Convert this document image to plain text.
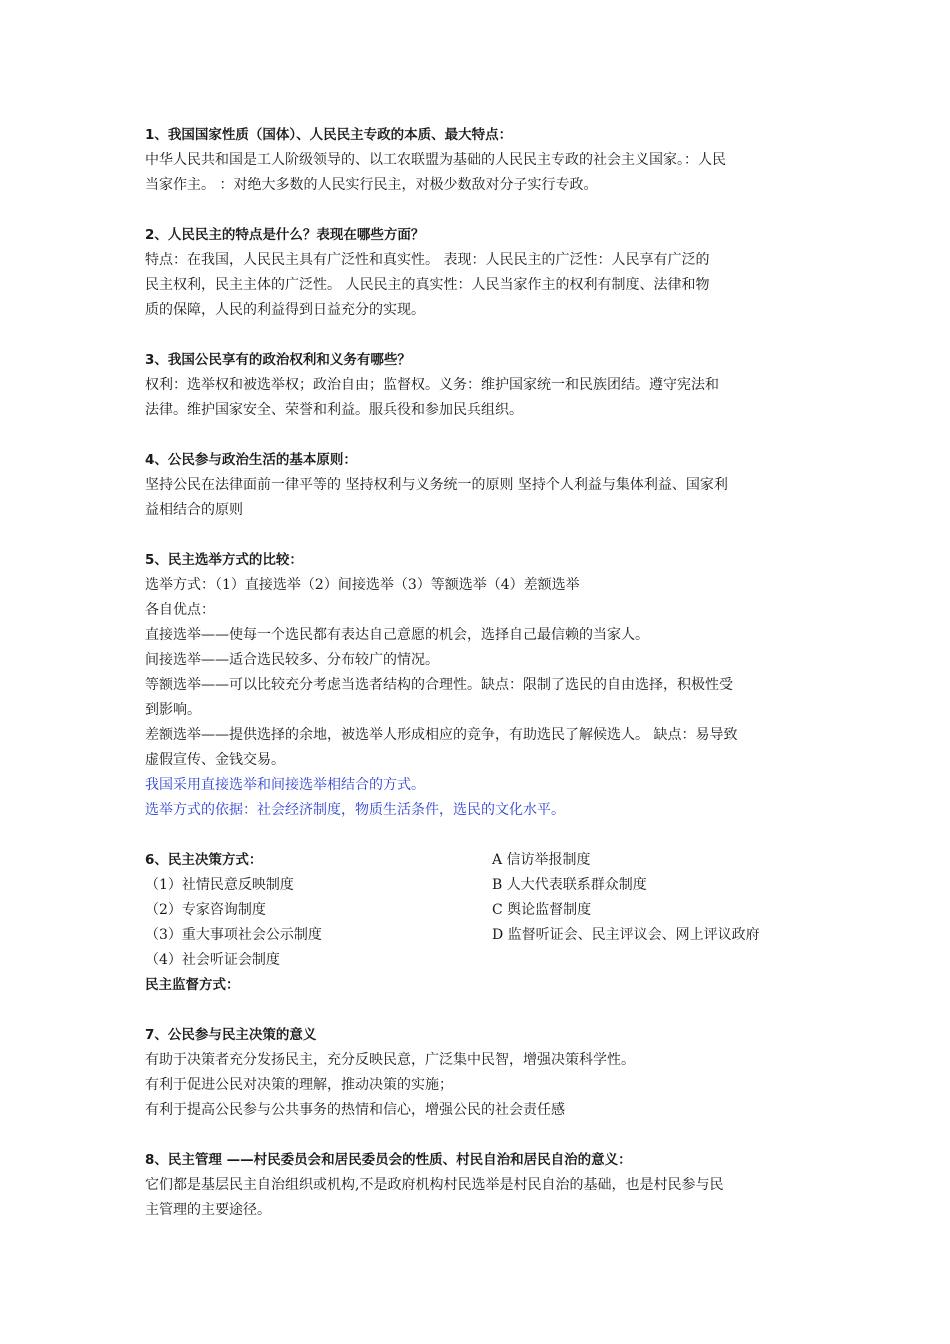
1、我国国家性质（国体）、人民民主专政的本质、最大特点：
中华人民共和国是工人阶级领导的、以工农联盟为基础的人民民主专政的社会主义国家。：人民
当家作主。 ：对绝大多数的人民实行民主，对极少数敌对分子实行专政。
2、人民民主的特点是什么？表现在哪些方面？
特点：在我国，人民民主具有广泛性和真实性。 表现：人民民主的广泛性：人民享有广泛的
民主权利，民主主体的广泛性。 人民民主的真实性：人民当家作主的权利有制度、法律和物
质的保障，人民的利益得到日益充分的实现。
3、我国公民享有的政治权利和义务有哪些？
权利：选举权和被选举权；政治自由；监督权。义务：维护国家统一和民族团结。遵守宪法和
法律。维护国家安全、荣誉和利益。服兵役和参加民兵组织。
4、公民参与政治生活的基本原则：
坚持公民在法律面前一律平等的 坚持权利与义务统一的原则 坚持个人利益与集体利益、国家利
益相结合的原则
5、民主选举方式的比较：
选举方式：（1）直接选举（2）间接选举（3）等额选举（4）差额选举
各自优点：
直接选举——使每一个选民都有表达自己意愿的机会，选择自己最信赖的当家人。
间接选举——适合选民较多、分布较广的情况。
等额选举——可以比较充分考虑当选者结构的合理性。缺点：限制了选民的自由选择，积极性受
到影响。
差额选举——提供选择的余地，被选举人形成相应的竞争，有助选民了解候选人。 缺点：易导致
虚假宣传、金钱交易。
我国采用直接选举和间接选举相结合的方式。
选举方式的依据：社会经济制度，物质生活条件，选民的文化水平。
6、民主决策方式：
（1）社情民意反映制度
（2）专家咨询制度
（3）重大事项社会公示制度
（4）社会听证会制度
民主监督方式：
A 信访举报制度
B 人大代表联系群众制度
C 舆论监督制度
D 监督听证会、民主评议会、网上评议政府
7、公民参与民主决策的意义
有助于决策者充分发扬民主，充分反映民意，广泛集中民智，增强决策科学性。
有利于促进公民对决策的理解，推动决策的实施；
有利于提高公民参与公共事务的热情和信心，增强公民的社会责任感
8、民主管理 ——村民委员会和居民委员会的性质、村民自治和居民自治的意义：
它们都是基层民主自治组织或机构,不是政府机构村民选举是村民自治的基础，也是村民参与民
主管理的主要途径。
